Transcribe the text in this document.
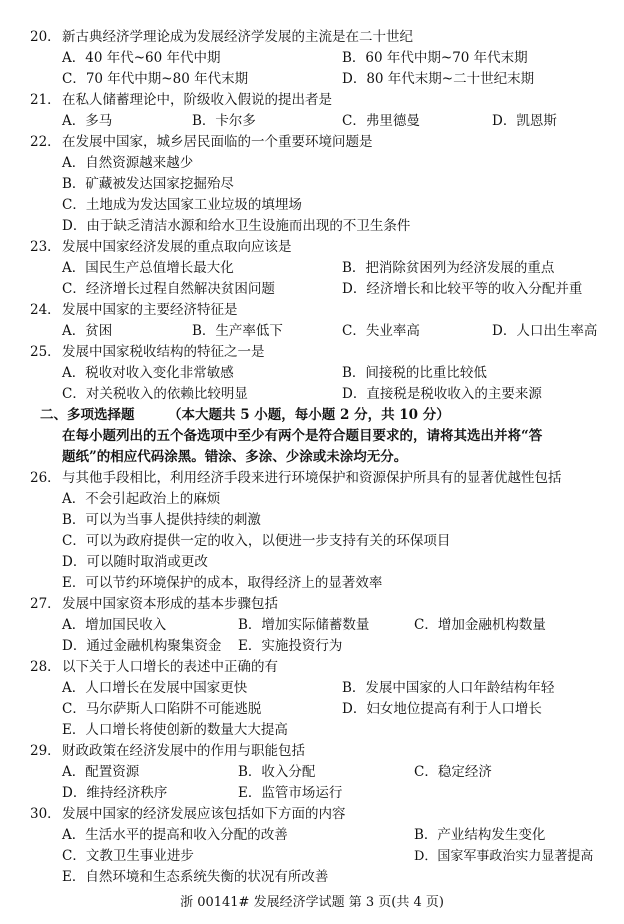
20． 新古典经济学理论成为发展经济学发展的主流是在二十世纪
A．40 年代~60 年代中期	B．60 年代中期~70 年代末期
C．70 年代中期~80 年代末期	D．80 年代末期~二十世纪末期
21． 在私人储蓄理论中，阶级收入假说的提出者是
A．多马	B．卡尔多	C．弗里德曼	D．凯恩斯
22． 在发展中国家，城乡居民面临的一个重要环境问题是
A．自然资源越来越少
B．矿藏被发达国家挖掘殆尽
C．土地成为发达国家工业垃圾的填埋场
D．由于缺乏清洁水源和给水卫生设施而出现的不卫生条件
23． 发展中国家经济发展的重点取向应该是
A．国民生产总值增长最大化	B．把消除贫困列为经济发展的重点
C．经济增长过程自然解决贫困问题	D．经济增长和比较平等的收入分配并重
24． 发展中国家的主要经济特征是
A．贫困	B．生产率低下	C．失业率高	D．人口出生率高
25． 发展中国家税收结构的特征之一是
A．税收对收入变化非常敏感	B．间接税的比重比较低
C．对关税收入的依赖比较明显	D．直接税是税收收入的主要来源
二、多项选择题 （本大题共 5 小题，每小题 2 分，共 10 分）
在每小题列出的五个备选项中至少有两个是符合题目要求的，请将其选出并将“答
题纸”的相应代码涂黑。错涂、多涂、少涂或未涂均无分。
26． 与其他手段相比，利用经济手段来进行环境保护和资源保护所具有的显著优越性包括
A．不会引起政治上的麻烦
B．可以为当事人提供持续的刺激
C．可以为政府提供一定的收入，以便进一步支持有关的环保项目
D．可以随时取消或更改
E．可以节约环境保护的成本，取得经济上的显著效率
27． 发展中国家资本形成的基本步骤包括
A．增加国民收入	B．增加实际储蓄数量	C．增加金融机构数量
D．通过金融机构聚集资金 E．实施投资行为
28． 以下关于人口增长的表述中正确的有
A．人口增长在发展中国家更快	B．发展中国家的人口年龄结构年轻
C．马尔萨斯人口陷阱不可能逃脱	D．妇女地位提高有利于人口增长
E．人口增长将使创新的数量大大提高
29． 财政政策在经济发展中的作用与职能包括
A．配置资源	B．收入分配	C．稳定经济
D．维持经济秩序	E．监管市场运行
30． 发展中国家的经济发展应该包括如下方面的内容
A．生活水平的提高和收入分配的改善	B．产业结构发生变化
C．文教卫生事业进步	D．国家军事政治实力显著提高
E．自然环境和生态系统失衡的状况有所改善
浙 00141# 发展经济学试题 第 3 页(共 4 页)
